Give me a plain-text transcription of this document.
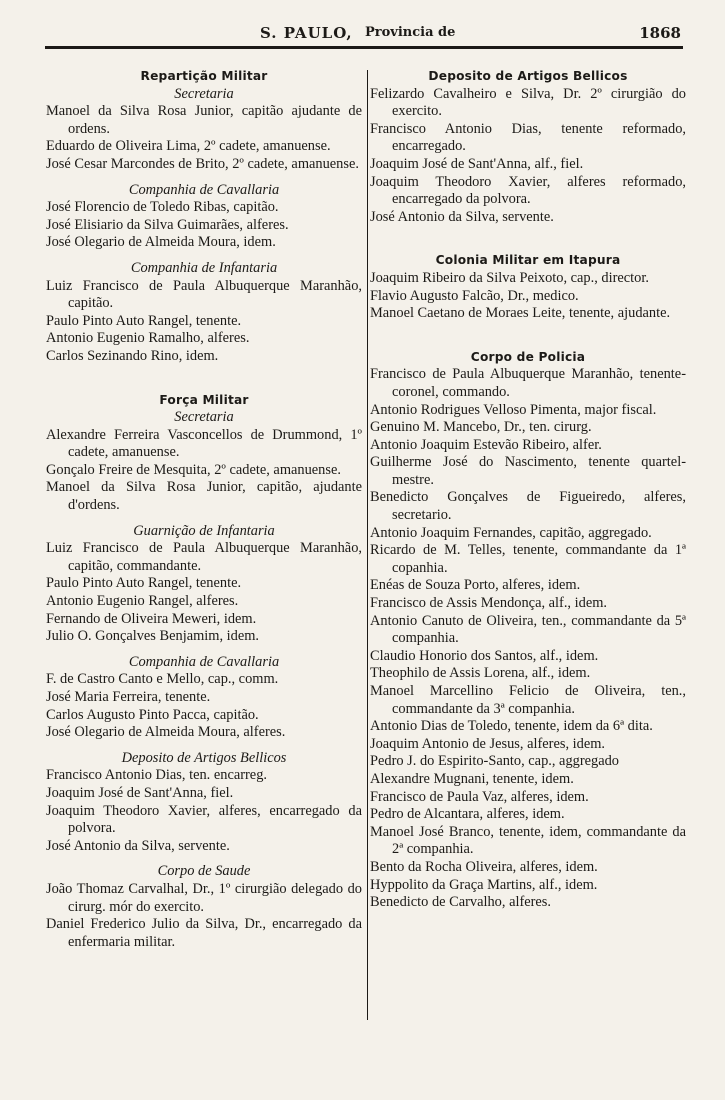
S. PAULO, Provincia de	1868
Repartição Militar
Secretaria
Manoel da Silva Rosa Junior, capitão ajudante de ordens.
Eduardo de Oliveira Lima, 2º cadete, amanuense.
José Cesar Marcondes de Brito, 2º cadete, amanuense.
Companhia de Cavallaria
José Florencio de Toledo Ribas, capitão.
José Elisiario da Silva Guimarães, alferes.
José Olegario de Almeida Moura, idem.
Companhia de Infantaria
Luiz Francisco de Paula Albuquerque Maranhão, capitão.
Paulo Pinto Auto Rangel, tenente.
Antonio Eugenio Ramalho, alferes.
Carlos Sezinando Rino, idem.
Força Militar
Secretaria
Alexandre Ferreira Vasconcellos de Drummond, 1º cadete, amanuense.
Gonçalo Freire de Mesquita, 2º cadete, amanuense.
Manoel da Silva Rosa Junior, capitão, ajudante d'ordens.
Guarnição de Infantaria
Luiz Francisco de Paula Albuquerque Maranhão, capitão, commandante.
Paulo Pinto Auto Rangel, tenente.
Antonio Eugenio Rangel, alferes.
Fernando de Oliveira Meweri, idem.
Julio O. Gonçalves Benjamim, idem.
Companhia de Cavallaria
F. de Castro Canto e Mello, cap., comm.
José Maria Ferreira, tenente.
Carlos Augusto Pinto Pacca, capitão.
José Olegario de Almeida Moura, alferes.
Deposito de Artigos Bellicos
Francisco Antonio Dias, ten. encarreg.
Joaquim José de Sant'Anna, fiel.
Joaquim Theodoro Xavier, alferes, encarregado da polvora.
José Antonio da Silva, servente.
Corpo de Saude
João Thomaz Carvalhal, Dr., 1º cirurgião delegado do cirurg. mór do exercito.
Daniel Frederico Julio da Silva, Dr., encarregado da enfermaria militar.
Deposito de Artigos Bellicos
Felizardo Cavalheiro e Silva, Dr. 2º cirurgião do exercito.
Francisco Antonio Dias, tenente reformado, encarregado.
Joaquim José de Sant'Anna, alf., fiel.
Joaquim Theodoro Xavier, alferes reformado, encarregado da polvora.
José Antonio da Silva, servente.
Colonia Militar em Itapura
Joaquim Ribeiro da Silva Peixoto, cap., director.
Flavio Augusto Falcão, Dr., medico.
Manoel Caetano de Moraes Leite, tenente, ajudante.
Corpo de Policia
Francisco de Paula Albuquerque Maranhão, tenente-coronel, commando.
Antonio Rodrigues Velloso Pimenta, major fiscal.
Genuino M. Mancebo, Dr., ten. cirurg.
Antonio Joaquim Estevão Ribeiro, alfer.
Guilherme José do Nascimento, tenente quartel-mestre.
Benedicto Gonçalves de Figueiredo, alferes, secretario.
Antonio Joaquim Fernandes, capitão, aggregado.
Ricardo de M. Telles, tenente, commandante da 1ª copanhia.
Enéas de Souza Porto, alferes, idem.
Francisco de Assis Mendonça, alf., idem.
Antonio Canuto de Oliveira, ten., commandante da 5ª companhia.
Claudio Honorio dos Santos, alf., idem.
Theophilo de Assis Lorena, alf., idem.
Manoel Marcellino Felicio de Oliveira, ten., commandante da 3ª companhia.
Antonio Dias de Toledo, tenente, idem da 6ª dita.
Joaquim Antonio de Jesus, alferes, idem.
Pedro J. do Espirito-Santo, cap., aggregado
Alexandre Mugnani, tenente, idem.
Francisco de Paula Vaz, alferes, idem.
Pedro de Alcantara, alferes, idem.
Manoel José Branco, tenente, idem, commandante da 2ª companhia.
Bento da Rocha Oliveira, alferes, idem.
Hyppolito da Graça Martins, alf., idem.
Benedicto de Carvalho, alferes.
